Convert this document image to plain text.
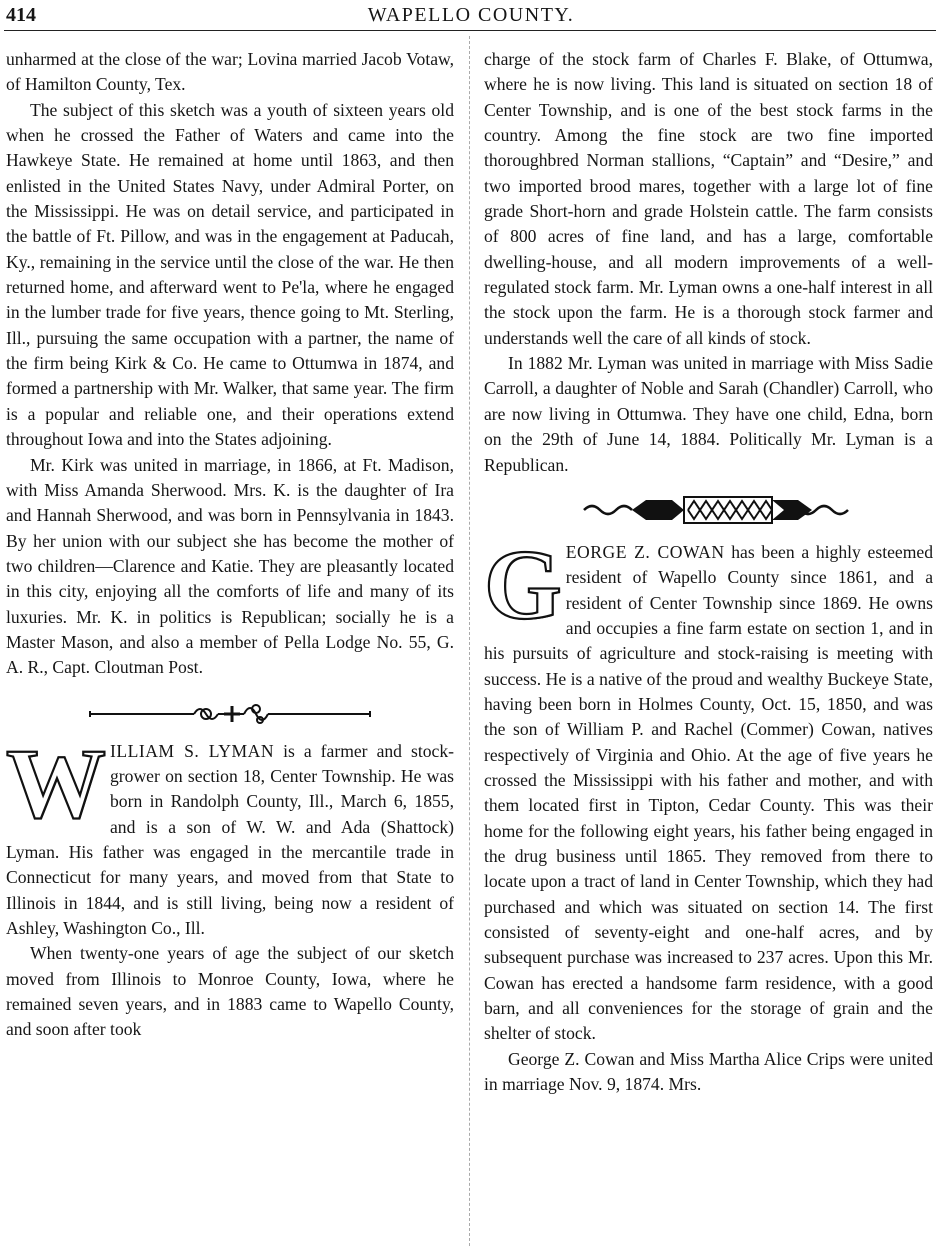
414	WAPELLO COUNTY.

unharmed at the close of the war; Lovina married Jacob Votaw, of Hamilton County, Tex.

The subject of this sketch was a youth of sixteen years old when he crossed the Father of Waters and came into the Hawkeye State. He remained at home until 1863, and then enlisted in the United States Navy, under Admiral Porter, on the Mississippi. He was on detail service, and participated in the battle of Ft. Pillow, and was in the engagement at Paducah, Ky., remaining in the service until the close of the war. He then returned home, and afterward went to Pe'la, where he engaged in the lumber trade for five years, thence going to Mt. Sterling, Ill., pursuing the same occupation with a partner, the name of the firm being Kirk & Co. He came to Ottumwa in 1874, and formed a partnership with Mr. Walker, that same year. The firm is a popular and reliable one, and their operations extend throughout Iowa and into the States adjoining.

Mr. Kirk was united in marriage, in 1866, at Ft. Madison, with Miss Amanda Sherwood. Mrs. K. is the daughter of Ira and Hannah Sherwood, and was born in Pennsylvania in 1843. By her union with our subject she has become the mother of two children—Clarence and Katie. They are pleasantly located in this city, enjoying all the comforts of life and many of its luxuries. Mr. K. in politics is Republican; socially he is a Master Mason, and also a member of Pella Lodge No. 55, G. A. R., Capt. Cloutman Post.

WILLIAM S. LYMAN is a farmer and stock-grower on section 18, Center Township. He was born in Randolph County, Ill., March 6, 1855, and is a son of W. W. and Ada (Shattock) Lyman. His father was engaged in the mercantile trade in Connecticut for many years, and moved from that State to Illinois in 1844, and is still living, being now a resident of Ashley, Washington Co., Ill.

When twenty-one years of age the subject of our sketch moved from Illinois to Monroe County, Iowa, where he remained seven years, and in 1883 came to Wapello County, and soon after took

charge of the stock farm of Charles F. Blake, of Ottumwa, where he is now living. This land is situated on section 18 of Center Township, and is one of the best stock farms in the country. Among the fine stock are two fine imported thoroughbred Norman stallions, “Captain” and “Desire,” and two imported brood mares, together with a large lot of fine grade Short-horn and grade Holstein cattle. The farm consists of 800 acres of fine land, and has a large, comfortable dwelling-house, and all modern improvements of a well-regulated stock farm. Mr. Lyman owns a one-half interest in all the stock upon the farm. He is a thorough stock farmer and understands well the care of all kinds of stock.

In 1882 Mr. Lyman was united in marriage with Miss Sadie Carroll, a daughter of Noble and Sarah (Chandler) Carroll, who are now living in Ottumwa. They have one child, Edna, born on the 29th of June 14, 1884. Politically Mr. Lyman is a Republican.

GEORGE Z. COWAN has been a highly esteemed resident of Wapello County since 1861, and a resident of Center Township since 1869. He owns and occupies a fine farm estate on section 1, and in his pursuits of agriculture and stock-raising is meeting with success. He is a native of the proud and wealthy Buckeye State, having been born in Holmes County, Oct. 15, 1850, and was the son of William P. and Rachel (Commer) Cowan, natives respectively of Virginia and Ohio. At the age of five years he crossed the Mississippi with his father and mother, and with them located first in Tipton, Cedar County. This was their home for the following eight years, his father being engaged in the drug business until 1865. They removed from there to locate upon a tract of land in Center Township, which they had purchased and which was situated on section 14. The first consisted of seventy-eight and one-half acres, and by subsequent purchase was increased to 237 acres. Upon this Mr. Cowan has erected a handsome farm residence, with a good barn, and all conveniences for the storage of grain and the shelter of stock.

George Z. Cowan and Miss Martha Alice Crips were united in marriage Nov. 9, 1874. Mrs.
